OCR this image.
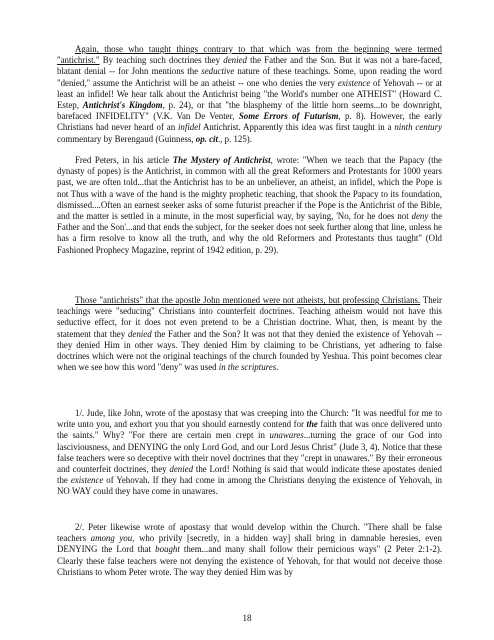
Again, those who taught things contrary to that which was from the beginning were termed "antichrist." By teaching such doctrines they denied the Father and the Son. But it was not a bare-faced, blatant denial -- for John mentions the seductive nature of these teachings. Some, upon reading the word "denied," assume the Antichrist will be an atheist -- one who denies the very existence of Yehovah -- or at least an infidel! We hear talk about the Antichrist being "the World's number one ATHEIST" (Howard C. Estep, Antichrist's Kingdom, p. 24), or that "the blasphemy of the little horn seems...to be downright, barefaced INFIDELITY" (V.K. Van De Venter, Some Errors of Futurism, p. 8). However, the early Christians had never heard of an infidel Antichrist. Apparently this idea was first taught in a ninth century commentary by Berengaud (Guinness, op. cit., p. 125).

Fred Peters, in his article The Mystery of Antichrist, wrote: "When we teach that the Papacy (the dynasty of popes) is the Antichrist, in common with all the great Reformers and Protestants for 1000 years past, we are often told...that the Antichrist has to be an unbeliever, an atheist, an infidel, which the Pope is not Thus with a wave of the hand is the mighty prophetic teaching, that shook the Papacy to its foundation, dismissed....Often an earnest seeker asks of some futurist preacher if the Pope is the Antichrist of the Bible, and the matter is settled in a minute, in the most superficial way, by saying, 'No, for he does not deny the Father and the Son'...and that ends the subject, for the seeker does not seek further along that line, unless he has a firm resolve to know all the truth, and why the old Reformers and Protestants thus taught" (Old Fashioned Prophecy Magazine, reprint of 1942 edition, p. 29).

Those "antichrists" that the apostle John mentioned were not atheists, but professing Christians. Their teachings were "seducing" Christians into counterfeit doctrines. Teaching atheism would not have this seductive effect, for it does not even pretend to be a Christian doctrine. What, then, is meant by the statement that they denied the Father and the Son? It was not that they denied the existence of Yehovah -- they denied Him in other ways. They denied Him by claiming to be Christians, yet adhering to false doctrines which were not the original teachings of the church founded by Yeshua. This point becomes clear when we see how this word "deny" was used in the scriptures.

1/. Jude, like John, wrote of the apostasy that was creeping into the Church: "It was needful for me to write unto you, and exhort you that you should earnestly contend for the faith that was once delivered unto the saints." Why? "For there are certain men crept in unawares...turning the grace of our God into lasciviousness, and DENYING the only Lord God, and our Lord Jesus Christ" (Jude 3, 4). Notice that these false teachers were so deceptive with their novel doctrines that they "crept in unawares." By their erroneous and counterfeit doctrines, they denied the Lord! Nothing is said that would indicate these apostates denied the existence of Yehovah. If they had come in among the Christians denying the existence of Yehovah, in NO WAY could they have come in unawares.

2/. Peter likewise wrote of apostasy that would develop within the Church. "There shall be false teachers among you, who privily [secretly, in a hidden way] shall bring in damnable heresies, even DENYING the Lord that bought them...and many shall follow their pernicious ways" (2 Peter 2:1-2). Clearly these false teachers were not denying the existence of Yehovah, for that would not deceive those Christians to whom Peter wrote. The way they denied Him was by

18
